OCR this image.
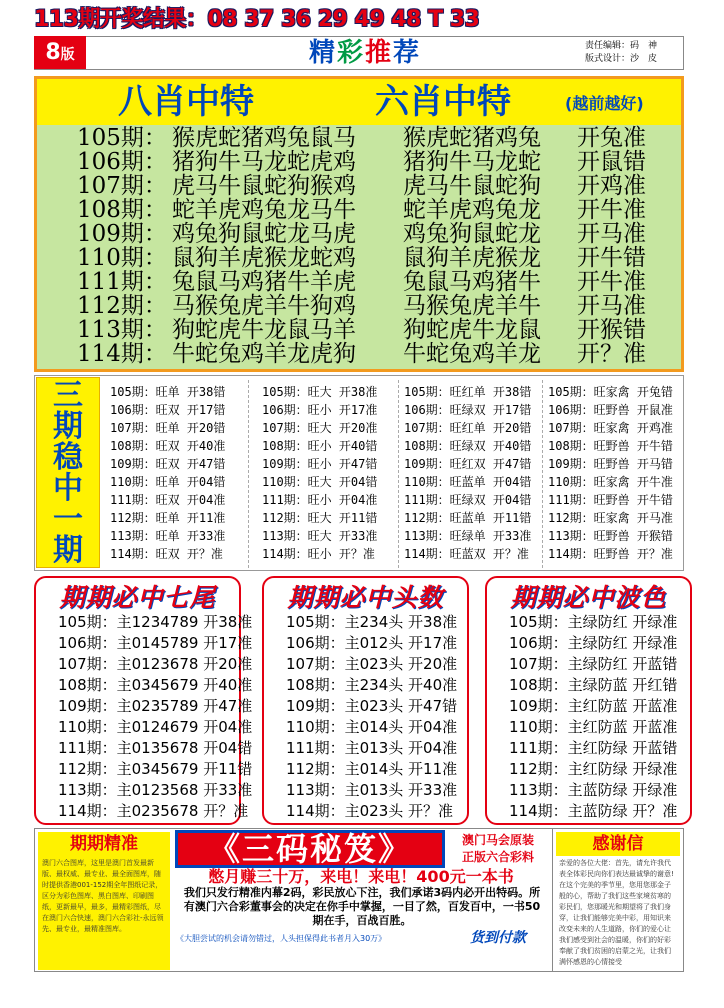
113期开奖结果：08 37 36 29 49 48 T 33
8版	精彩推荐	责任编辑：码　神
版式设计：沙　皮
八肖中特	六肖中特	(越前越好)
105期： 猴虎蛇猪鸡兔鼠马 猴虎蛇猪鸡兔 开兔准
106期： 猪狗牛马龙蛇虎鸡 猪狗牛马龙蛇 开鼠错
107期： 虎马牛鼠蛇狗猴鸡 虎马牛鼠蛇狗 开鸡准
108期： 蛇羊虎鸡兔龙马牛 蛇羊虎鸡兔龙 开牛准
109期： 鸡兔狗鼠蛇龙马虎 鸡兔狗鼠蛇龙 开马准
110期： 鼠狗羊虎猴龙蛇鸡 鼠狗羊虎猴龙 开牛错
111期： 兔鼠马鸡猪牛羊虎 兔鼠马鸡猪牛 开牛准
112期： 马猴兔虎羊牛狗鸡 马猴兔虎羊牛 开马准
113期： 狗蛇虎牛龙鼠马羊 狗蛇虎牛龙鼠 开猴错
114期： 牛蛇兔鸡羊龙虎狗 牛蛇兔鸡羊龙 开？准
三
期
稳
中
一
期
105期：旺单 开38错
106期：旺双 开17错
107期：旺单 开20错
108期：旺双 开40准
109期：旺双 开47错
110期：旺单 开04错
111期：旺双 开04准
112期：旺单 开11准
113期：旺单 开33准
114期：旺双 开？准
105期：旺大 开38准
106期：旺小 开17准
107期：旺大 开20准
108期：旺小 开40错
109期：旺小 开47错
110期：旺大 开04错
111期：旺小 开04准
112期：旺大 开11错
113期：旺大 开33准
114期：旺小 开？准
105期：旺红单 开38错
106期：旺绿双 开17错
107期：旺红单 开20错
108期：旺绿双 开40错
109期：旺红双 开47错
110期：旺蓝单 开04错
111期：旺绿双 开04错
112期：旺蓝单 开11错
113期：旺绿单 开33准
114期：旺蓝双 开？准
105期：旺家禽 开兔错
106期：旺野兽 开鼠准
107期：旺家禽 开鸡准
108期：旺野兽 开牛错
109期：旺野兽 开马错
110期：旺家禽 开牛准
111期：旺野兽 开牛错
112期：旺家禽 开马准
113期：旺野兽 开猴错
114期：旺野兽 开？准
期期必中七尾
105期：主1234789 开38准
106期：主0145789 开17准
107期：主0123678 开20准
108期：主0345679 开40准
109期：主0235789 开47准
110期：主0124679 开04准
111期：主0135678 开04错
112期：主0345679 开11错
113期：主0123568 开33准
114期：主0235678 开？准
期期必中头数
105期：主234头 开38准
106期：主012头 开17准
107期：主023头 开20准
108期：主234头 开40准
109期：主023头 开47错
110期：主014头 开04准
111期：主013头 开04准
112期：主014头 开11准
113期：主013头 开33准
114期：主023头 开？准
期期必中波色
105期：主绿防红 开绿准
106期：主绿防红 开绿准
107期：主绿防红 开蓝错
108期：主绿防蓝 开红错
109期：主红防蓝 开蓝准
110期：主红防蓝 开蓝准
111期：主红防绿 开蓝错
112期：主红防绿 开绿准
113期：主蓝防绿 开绿准
114期：主蓝防绿 开？准
期期精准
澳门六合图库，这里是澳门首发最新版、最权威、最专业、最全面图库，随时提供香港001-152期全年图纸记录，区分为彩色图库、黑白图库、印刷图纸，更新最早，最多，最精彩图纸，尽在澳门六合快速，澳门六合彩社-永远领先、最专业，最精准图库。
《三码秘笈》	澳门马会原装
正版六合彩料
憋月赚三十万，来电！来电！400元一本书
我们只发行精准内幕2码，彩民放心下注，我们承诺3码内必开出特码。所有澳门六合彩董事会的决定在你手中掌握，一目了然，百发百中，一书50期在手，百战百胜。
《大胆尝试的机会请勿错过，人头担保得此书者月入30万》	货到付款
感谢信
亲爱的各位大佬：首先，请允许我代表全体彩民向你们表达最诚挚的谢意!在这个完美的季节里，您用您那金子般的心，帮助了我们这些家境贫寒的彩民们，您那暖光和期望将了我们身穿，让我们能够完美中彩，用知识来改变未来的人生道路，你们的爱心让我们感受到社会的温暖，你们的好彩奉献了我们贫困的启蒙之光，让我们满怀感恩的心情接受
